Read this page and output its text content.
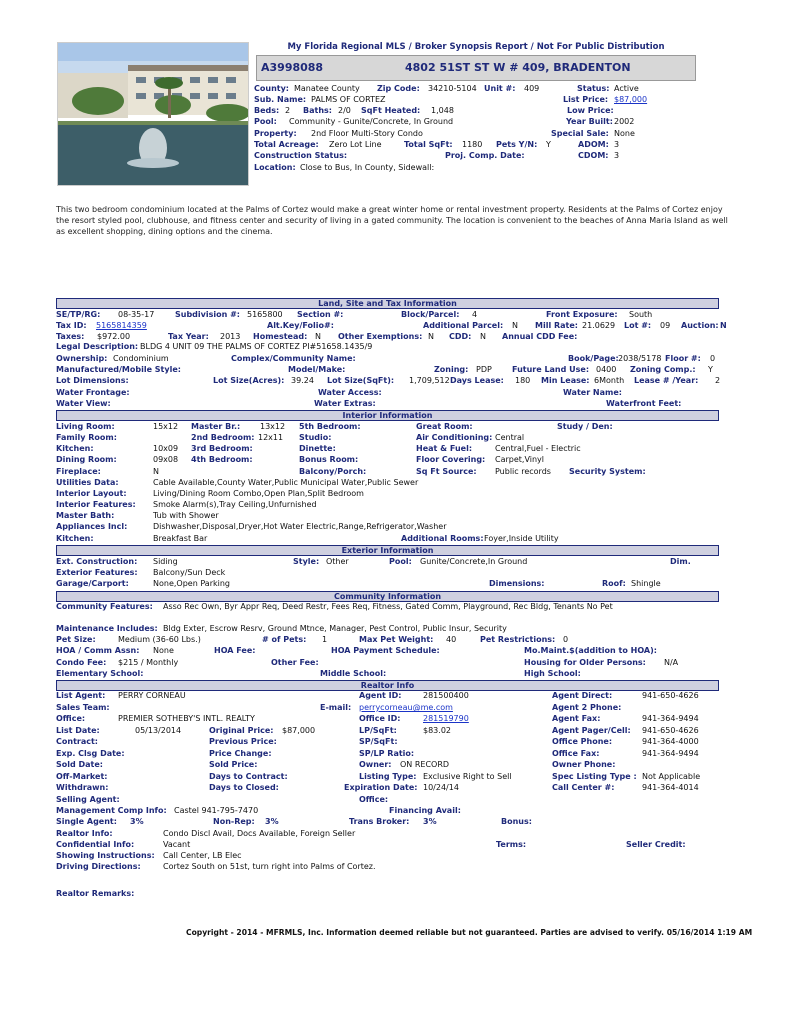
My Florida Regional MLS / Broker Synopsis Report / Not For Public Distribution
A3998088	4802 51ST ST W # 409, BRADENTON
County: Manatee County Zip Code: 34210-5104 Unit #: 409	Status: Active
Sub. Name: PALMS OF CORTEZ	List Price: $87,000
Beds: 2 Baths: 2/0 SqFt Heated: 1,048	Low Price:
Pool: Community - Gunite/Concrete, In Ground	Year Built: 2002
Property: 2nd Floor Multi-Story Condo	Special Sale: None
Total Acreage: Zero Lot Line	Total SqFt: 1180 Pets Y/N: Y	ADOM: 3
Construction Status:	Proj. Comp. Date:	CDOM: 3
Location: Close to Bus, In County, Sidewall:
This two bedroom condominium located at the Palms of Cortez would make a great winter home or rental investment property. Residents at the Palms of Cortez enjoy the resort styled pool, clubhouse, and fitness center and security of living in a gated community. The location is convenient to the beaches of Anna Maria Island as well as excellent shopping, dining options and the cinema.
Land, Site and Tax Information
SE/TP/RG: 08-35-17	Subdivision #: 5165800 Section #:	Block/Parcel: 4	Front Exposure: South
Tax ID: 5165814359	Alt.Key/Folio#:	Additional Parcel: N Mill Rate: 21.0629 Lot #: 09 Auction: N
Taxes: $972.00	Tax Year: 2013 Homestead: N Other Exemptions: N CDD: N Annual CDD Fee:
Legal Description: BLDG 4 UNIT 09 THE PALMS OF CORTEZ PI#51658.1435/9
Ownership: Condominium	Complex/Community Name:	Book/Page: 2038/5178 Floor #: 0
Manufactured/Mobile Style:	Model/Make:	Zoning: PDP	Future Land Use: 0400 Zoning Comp.: Y
Lot Dimensions:	Lot Size(Acres): 39.24 Lot Size(SqFt): 1,709,512 Days Lease: 180 Min Lease: 6Month Lease # /Year: 2
Water Frontage:	Water Access:	Water Name:
Water View:	Water Extras:	Waterfront Feet:
Interior Information
Living Room:	15x12 Master Br.: 13x12 5th Bedroom:	Great Room:	Study / Den:
Family Room:	2nd Bedroom: 12x11 Studio:	Air Conditioning: Central
Kitchen:	10x09 3rd Bedroom:	Dinette:	Heat & Fuel:	Central,Fuel - Electric
Dining Room:	09x08 4th Bedroom:	Bonus Room:	Floor Covering: Carpet,Vinyl
Fireplace:	N	Balcony/Porch:	Sq Ft Source: Public records Security System:
Utilities Data:	Cable Available,County Water,Public Municipal Water,Public Sewer
Interior Layout:	Living/Dining Room Combo,Open Plan,Split Bedroom
Interior Features: Smoke Alarm(s),Tray Ceiling,Unfurnished
Master Bath:	Tub with Shower
Appliances Incl:	Dishwasher,Disposal,Dryer,Hot Water Electric,Range,Refrigerator,Washer
Kitchen:	Breakfast Bar	Additional Rooms: Foyer,Inside Utility
Exterior Information
Ext. Construction: Siding	Style: Other	Pool: Gunite/Concrete,In Ground	Dim.
Exterior Features: Balcony/Sun Deck
Garage/Carport:	None,Open Parking	Dimensions:	Roof: Shingle
Community Information
Community Features: Asso Rec Own, Byr Appr Req, Deed Restr, Fees Req, Fitness, Gated Comm, Playground, Rec Bldg, Tenants No Pet
Maintenance Includes: Bldg Exter, Escrow Resrv, Ground Mtnce, Manager, Pest Control, Public Insur, Security
Pet Size:	Medium (36-60 Lbs.)	# of Pets: 1	Max Pet Weight: 40	Pet Restrictions: 0
HOA / Comm Assn: None	HOA Fee:	HOA Payment Schedule:	Mo.Maint.$(addition to HOA):
Condo Fee: $215 / Monthly	Other Fee:	Housing for Older Persons: N/A
Elementary School:	Middle School:	High School:
Realtor Info
List Agent: PERRY CORNEAU	Agent ID:	281500400	Agent Direct:	941-650-4626
Sales Team:	E-mail: perrycorneau@me.com	Agent 2 Phone:
Office:	PREMIER SOTHEBY'S INTL. REALTY	Office ID:	281519790	Agent Fax:	941-364-9494
List Date:	05/13/2014	Original Price: $87,000	LP/SqFt:	$83.02	Agent Pager/Cell: 941-650-4626
Contract:	Previous Price:	SP/SqFt:	Office Phone:	941-364-4000
Exp. Clsg Date:	Price Change:	SP/LP Ratio:	Office Fax:	941-364-9494
Sold Date:	Sold Price:	Owner: ON RECORD	Owner Phone:
Off-Market:	Days to Contract:	Listing Type: Exclusive Right to Sell	Spec Listing Type : Not Applicable
Withdrawn:	Days to Closed:	Expiration Date: 10/24/14	Call Center #:	941-364-4014
Selling Agent:	Office:
Management Comp Info: Castel 941-795-7470	Financing Avail:
Single Agent: 3%	Non-Rep: 3%	Trans Broker: 3%	Bonus:
Realtor Info:	Condo Discl Avail, Docs Available, Foreign Seller
Confidential Info:	Vacant	Terms:	Seller Credit:
Showing Instructions: Call Center, LB Elec
Driving Directions:	Cortez South on 51st, turn right into Palms of Cortez.
Realtor Remarks:
Copyright - 2014 - MFRMLS, Inc. Information deemed reliable but not guaranteed. Parties are advised to verify. 05/16/2014 1:19 AM
